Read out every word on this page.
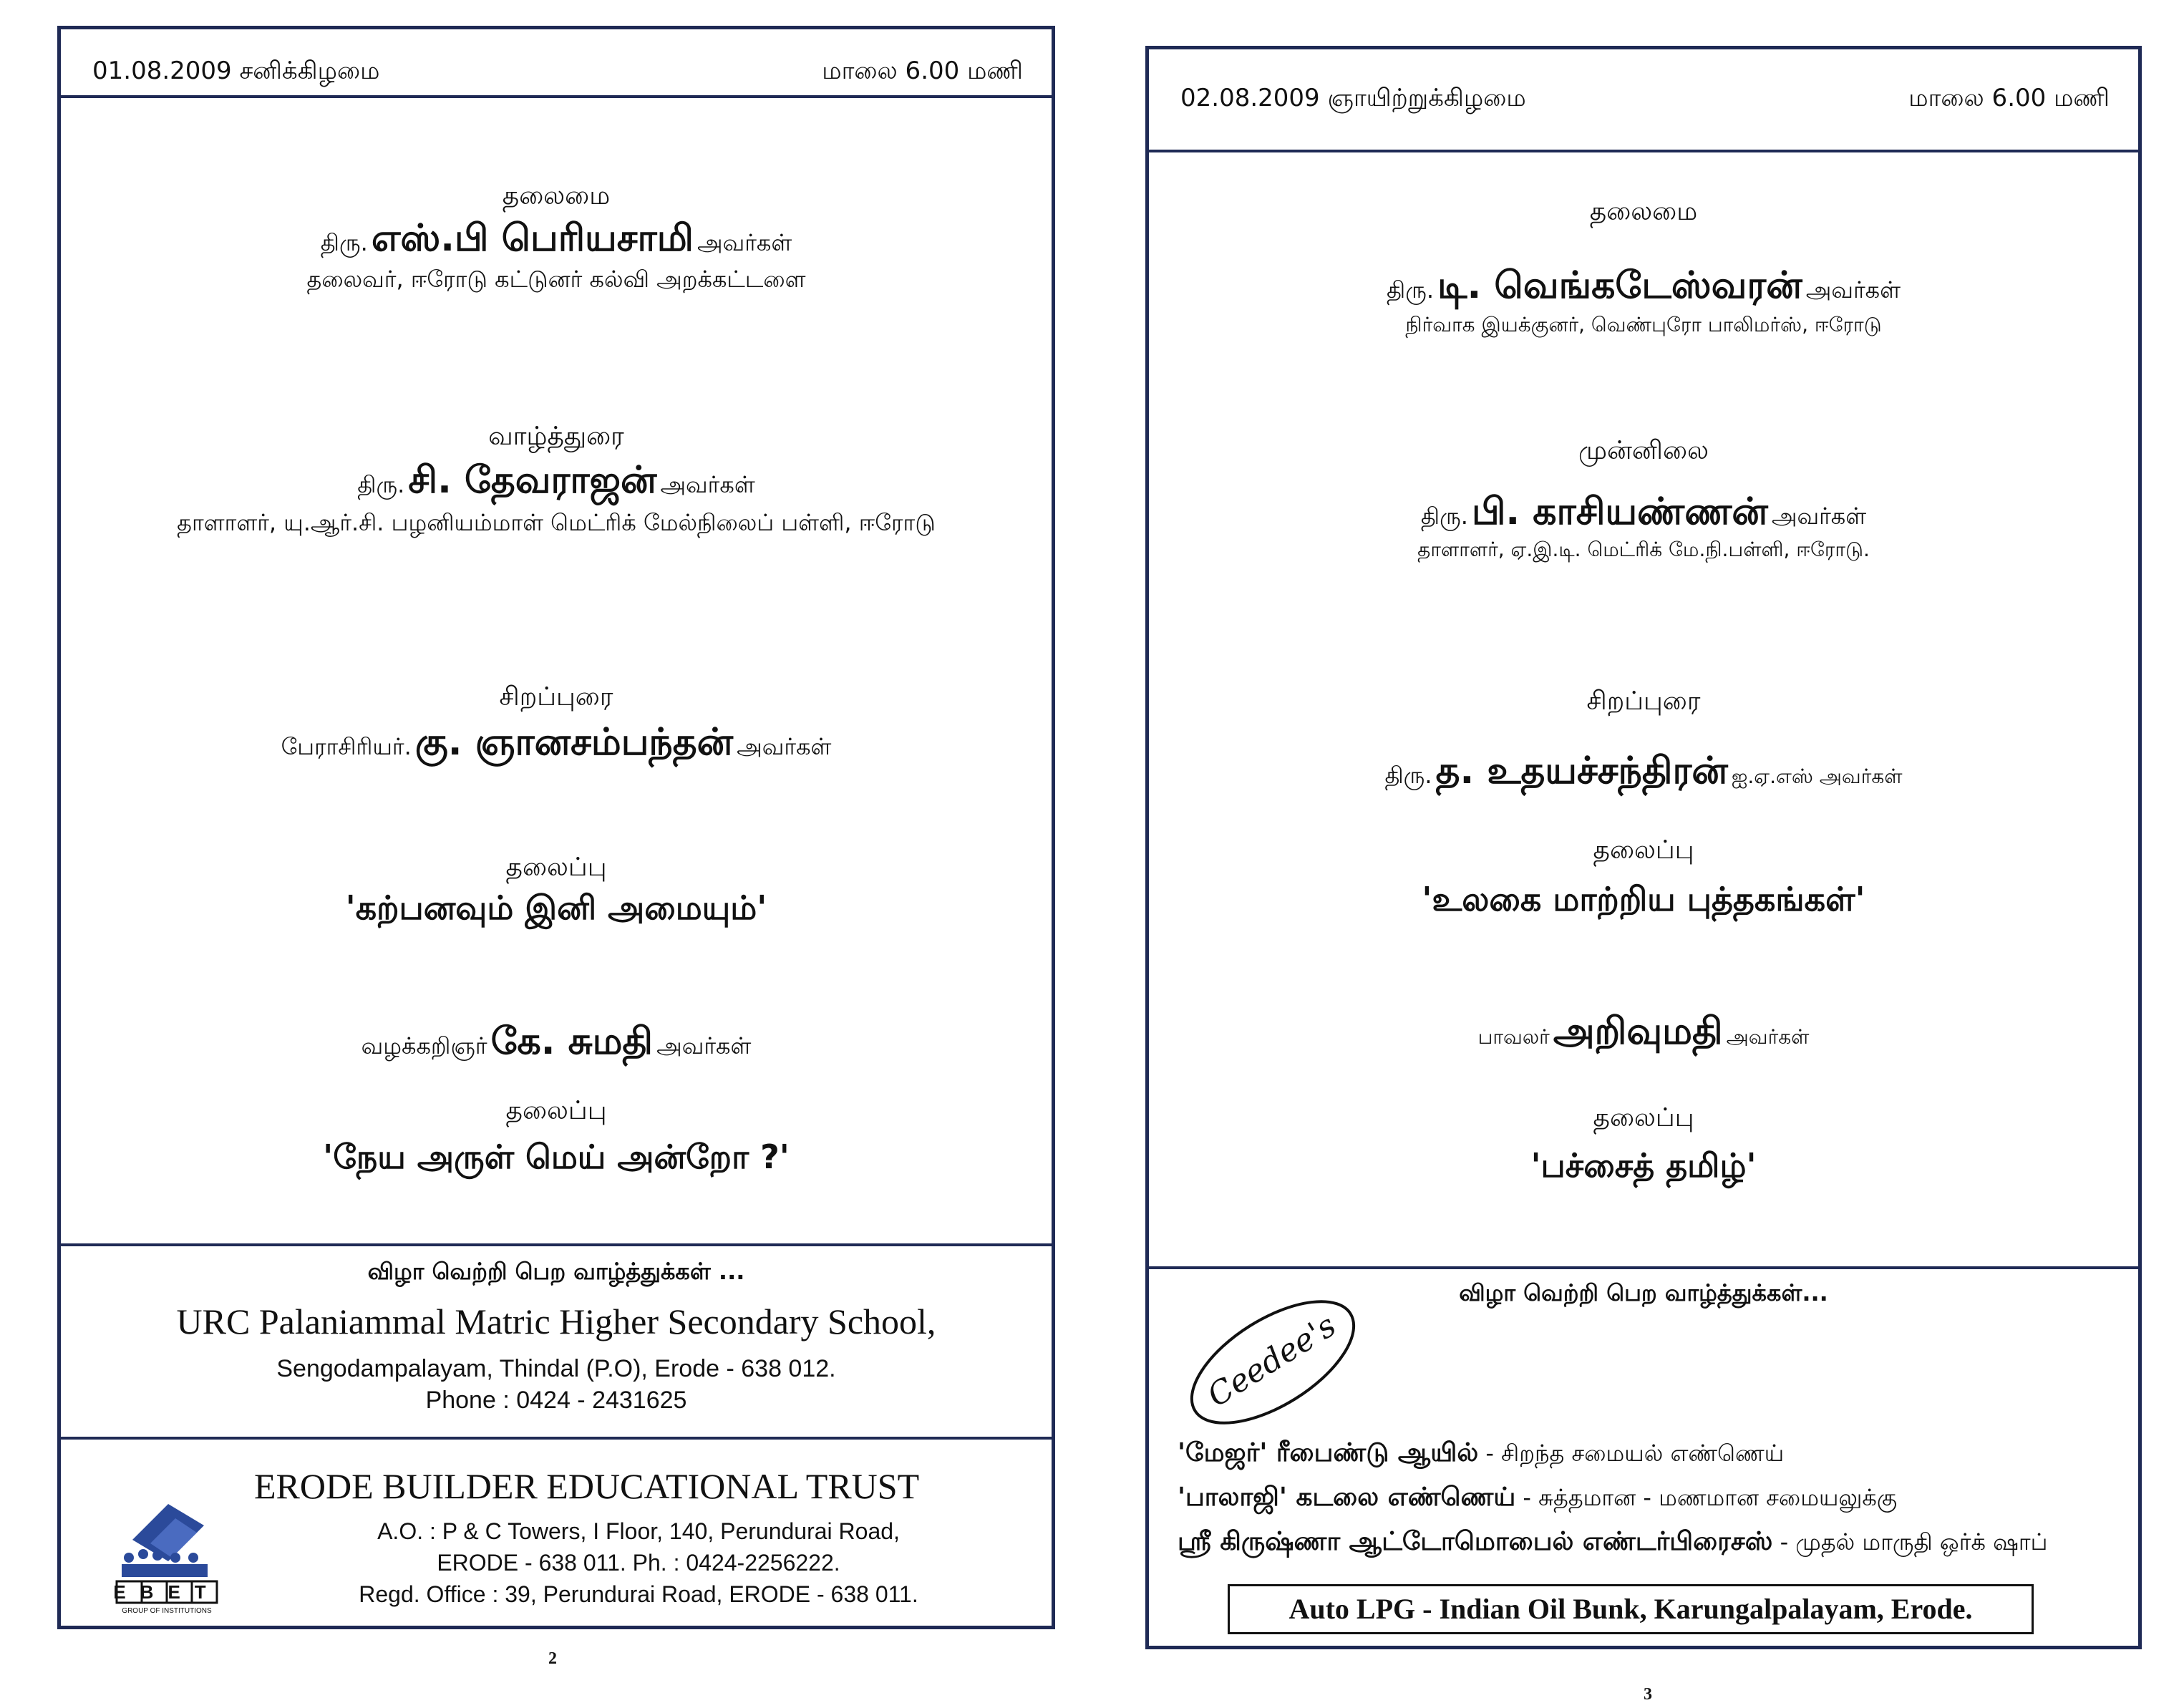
01.08.2009 சனிக்கிழமை	மாலை 6.00 மணி
தலைமை
திரு. எஸ்.பி பெரியசாமி அவர்கள்
தலைவர், ஈரோடு கட்டுனர் கல்வி அறக்கட்டளை
வாழ்த்துரை
திரு. சி. தேவராஜன் அவர்கள்
தாளாளர், யு.ஆர்.சி. பழனியம்மாள் மெட்ரிக் மேல்நிலைப் பள்ளி, ஈரோடு
சிறப்புரை
பேராசிரியர். கு. ஞானசம்பந்தன் அவர்கள்
தலைப்பு
'கற்பனவும் இனி அமையும்'
வழக்கறிஞர் கே. சுமதி அவர்கள்
தலைப்பு
'நேய அருள் மெய் அன்றோ ?'
விழா வெற்றி பெற வாழ்த்துக்கள் ...
URC Palaniammal Matric Higher Secondary School,
Sengodampalayam, Thindal (P.O), Erode - 638 012.
Phone : 0424 - 2431625
EBET
GROUP OF INSTITUTIONS
ERODE BUILDER EDUCATIONAL TRUST
A.O. : P & C Towers, I Floor, 140, Perundurai Road,
ERODE - 638 011. Ph. : 0424-2256222.
Regd. Office : 39, Perundurai Road, ERODE - 638 011.
2
02.08.2009 ஞாயிற்றுக்கிழமை	மாலை 6.00 மணி
தலைமை
திரு. டி. வெங்கடேஸ்வரன் அவர்கள்
நிர்வாக இயக்குனர், வெண்புரோ பாலிமர்ஸ், ஈரோடு
முன்னிலை
திரு. பி. காசியண்ணன் அவர்கள்
தாளாளர், ஏ.இ.டி. மெட்ரிக் மே.நி.பள்ளி, ஈரோடு.
சிறப்புரை
திரு. த. உதயச்சந்திரன் ஐ.ஏ.எஸ் அவர்கள்
தலைப்பு
'உலகை மாற்றிய புத்தகங்கள்'
பாவலர் அறிவுமதி அவர்கள்
தலைப்பு
'பச்சைத் தமிழ்'
விழா வெற்றி பெற வாழ்த்துக்கள்...
Ceedee's
'மேஜர்' ரீபைண்டு ஆயில் - சிறந்த சமையல் எண்ணெய்
'பாலாஜி' கடலை எண்ணெய் - சுத்தமான - மணமான சமையலுக்கு
ஸ்ரீ கிருஷ்ணா ஆட்டோமொபைல் எண்டர்பிரைசஸ் - முதல் மாருதி ஒர்க் ஷாப்
Auto LPG - Indian Oil Bunk, Karungalpalayam, Erode.
3
